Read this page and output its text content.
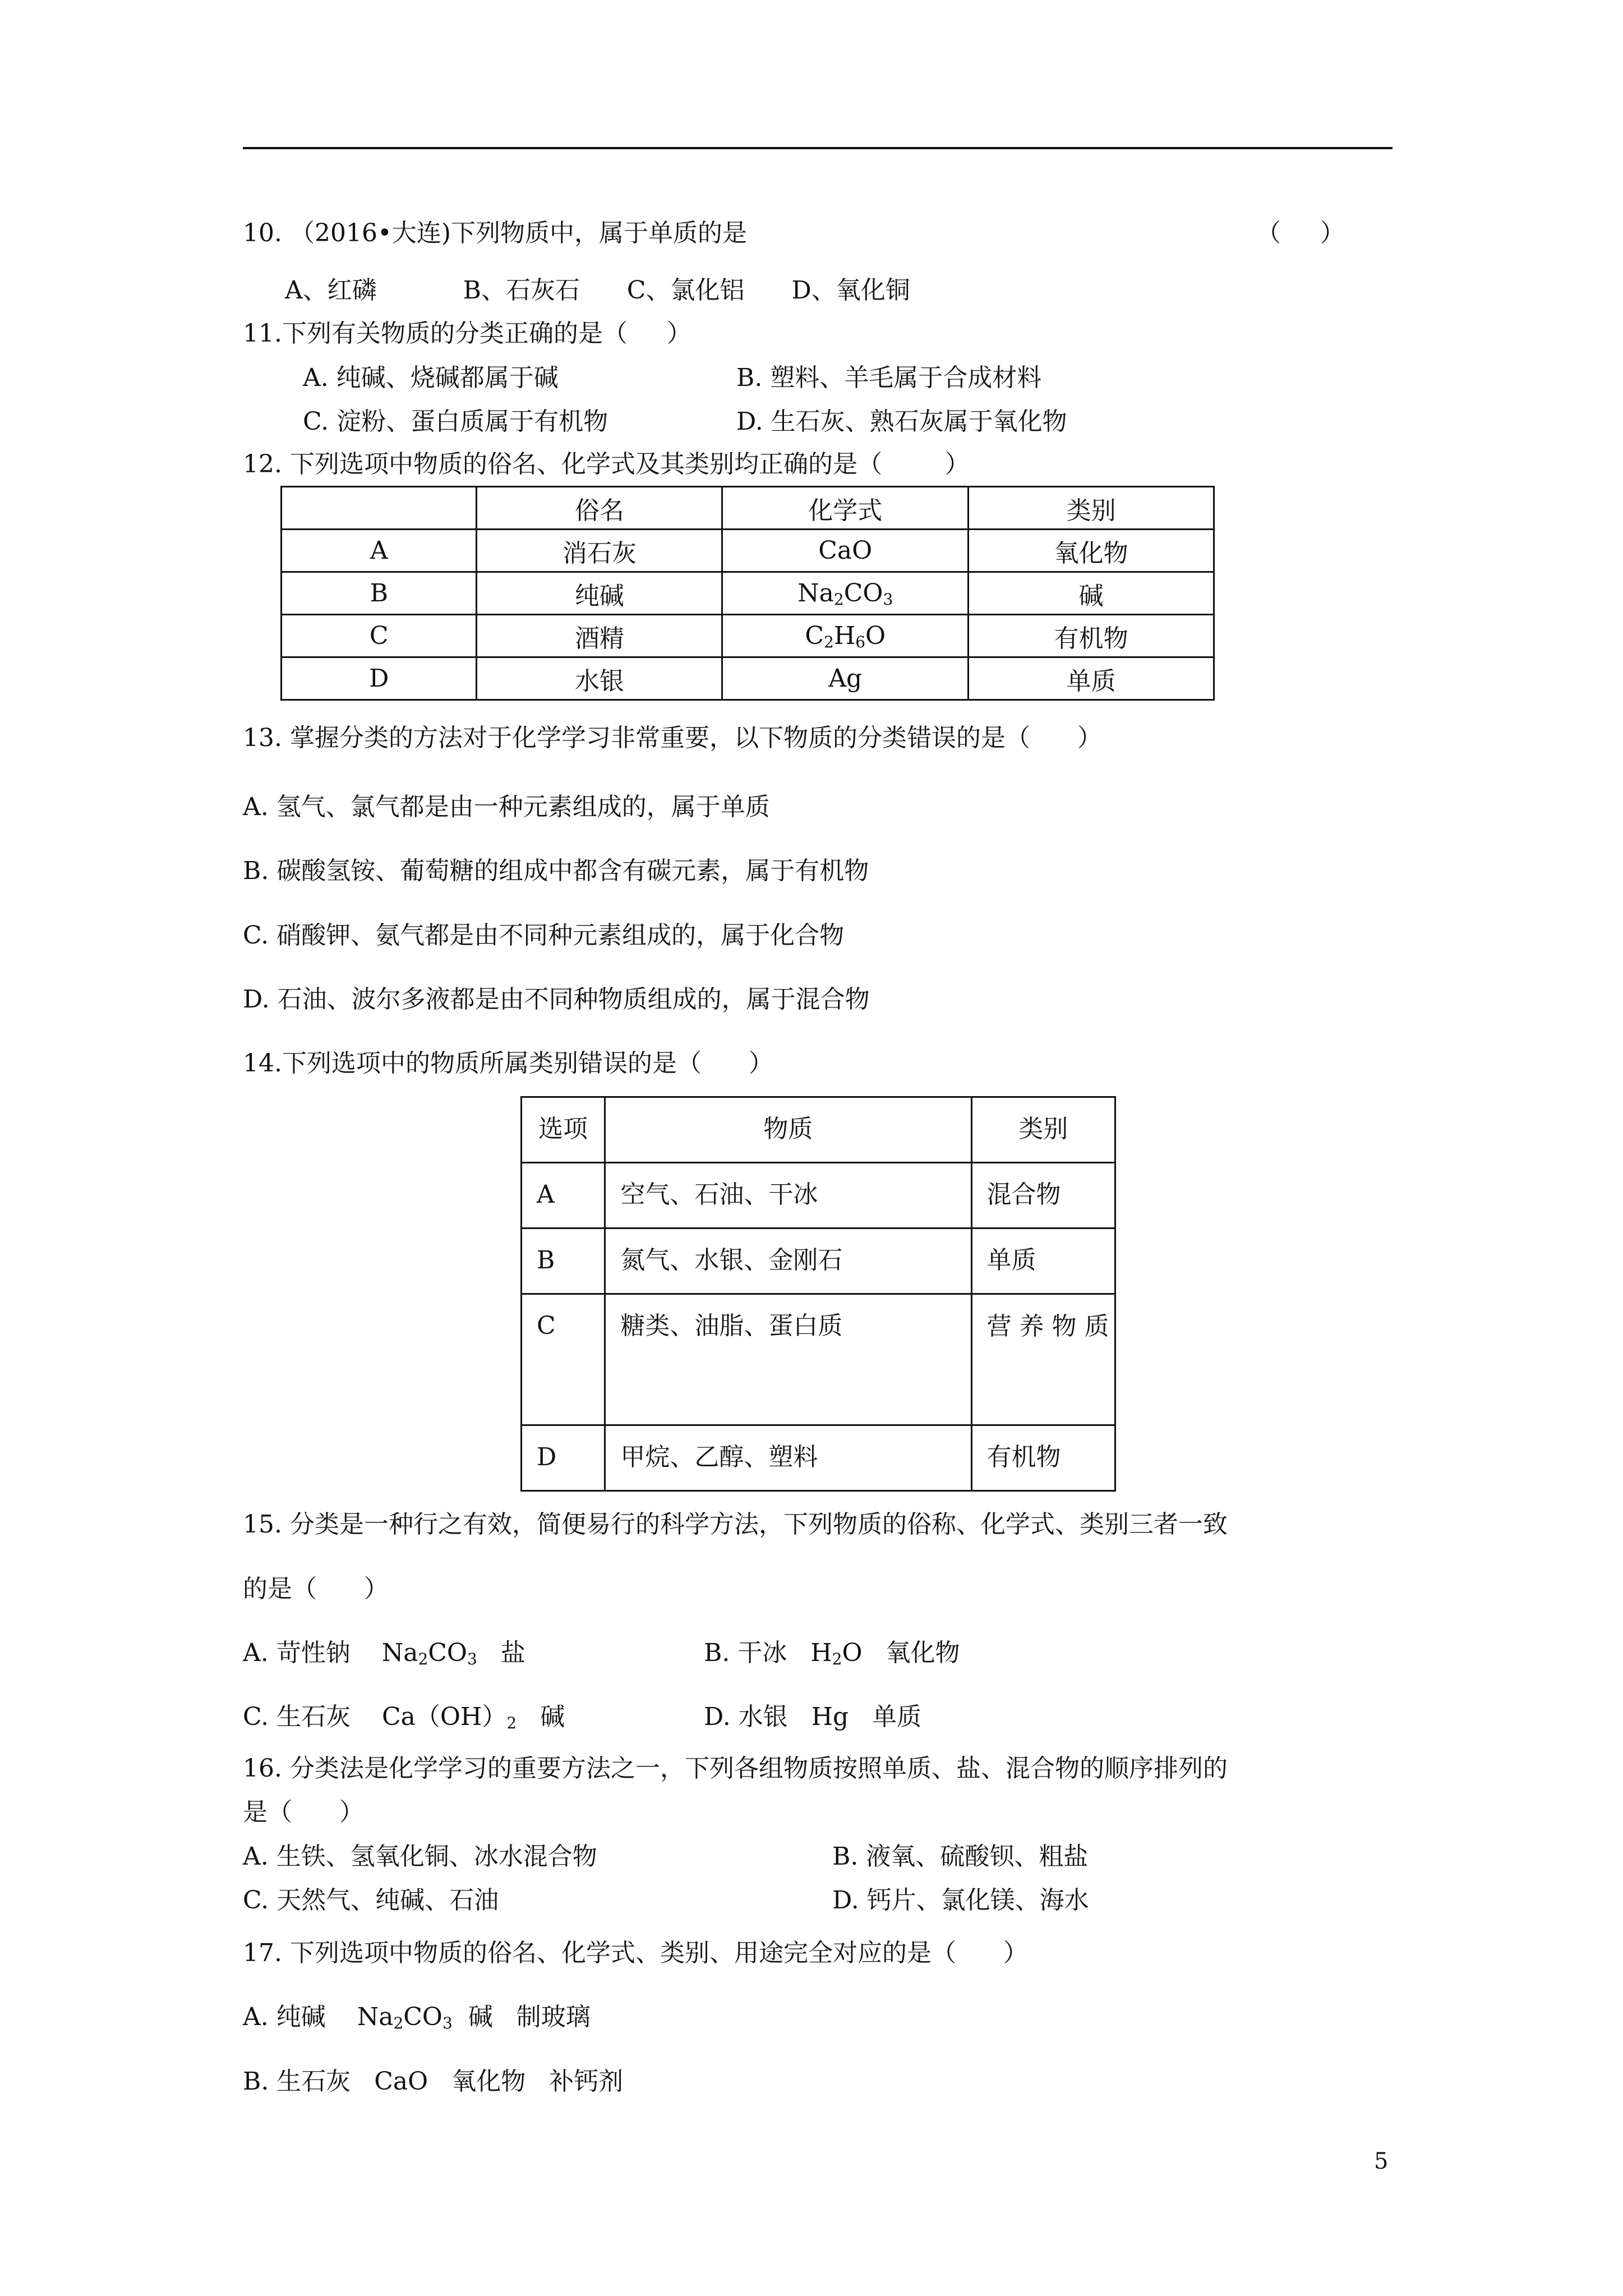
10. （2016•大连)下列物质中，属于单质的是	（     ）
A、红磷           B、石灰石      C、氯化铝      D、氧化铜
11.下列有关物质的分类正确的是（     ）
A. 纯碱、烧碱都属于碱	B. 塑料、羊毛属于合成材料
C. 淀粉、蛋白质属于有机物	D. 生石灰、熟石灰属于氧化物
12. 下列选项中物质的俗名、化学式及其类别均正确的是（        ）
	俗名	化学式	类别
A	消石灰	CaO	氧化物
B	纯碱	$Na_2CO_3$	碱
C	酒精	$C_2H_6O$	有机物
D	水银	Ag	单质
13. 掌握分类的方法对于化学学习非常重要，以下物质的分类错误的是（      ）
A. 氢气、氯气都是由一种元素组成的，属于单质
B. 碳酸氢铵、葡萄糖的组成中都含有碳元素，属于有机物
C. 硝酸钾、氨气都是由不同种元素组成的，属于化合物
D. 石油、波尔多液都是由不同种物质组成的，属于混合物
14.下列选项中的物质所属类别错误的是（      ）
选项	物质	类别
A	空气、石油、干冰	混合物
B	氮气、水银、金刚石	单质
C	糖类、油脂、蛋白质	营 养 物 质
D	甲烷、乙醇、塑料	有机物
15. 分类是一种行之有效，简便易行的科学方法，下列物质的俗称、化学式、类别三者一致
的是（      ）
A. 苛性钠    $Na_2CO_3$   盐	B. 干冰   $H_2O$   氧化物
C. 生石灰    $Ca(OH)_2$   碱	D. 水银   Hg   单质
16. 分类法是化学学习的重要方法之一，下列各组物质按照单质、盐、混合物的顺序排列的
是（      ）
A. 生铁、氢氧化铜、冰水混合物	B. 液氧、硫酸钡、粗盐
C. 天然气、纯碱、石油	D. 钙片、氯化镁、海水
17. 下列选项中物质的俗名、化学式、类别、用途完全对应的是（      ）
A. 纯碱    $Na_2CO_3$  碱   制玻璃
B. 生石灰   CaO   氧化物   补钙剂
5
